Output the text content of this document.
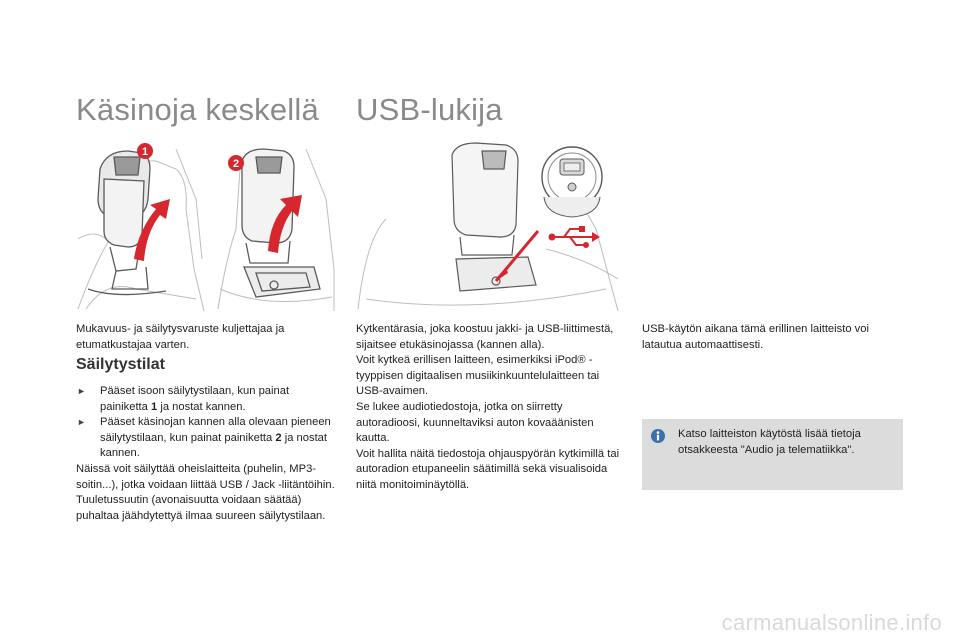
Käsinoja keskellä USB-lukija
1
2

Mukavuus- ja säilytysvaruste kuljettajaa ja etumatkustajaa varten.

Säilytystilat
► Pääset isoon säilytystilaan, kun painat painiketta 1 ja nostat kannen.
► Pääset käsinojan kannen alla olevaan pieneen säilytystilaan, kun painat painiketta 2 ja nostat kannen.

Näissä voit säilyttää oheislaitteita (puhelin, MP3-soitin...), jotka voidaan liittää USB / Jack -liitäntöihin.

Tuuletussuutin (avonaisuutta voidaan säätää) puhaltaa jäähdytettyä ilmaa suureen säilytystilaan.

Kytkentärasia, joka koostuu jakki- ja USB-liittimestä, sijaitsee etukäsinojassa (kannen alla).

Voit kytkeä erillisen laitteen, esimerkiksi iPod® -tyyppisen digitaalisen musiikinkuuntelulaitteen tai USB-avaimen.

Se lukee audiotiedostoja, jotka on siirretty autoradioosi, kuunneltaviksi auton kovaäänisten kautta.

Voit hallita näitä tiedostoja ohjauspyörän kytkimillä tai autoradion etupaneelin säätimillä sekä visualisoida niitä monitoiminäytöllä.

USB-käytön aikana tämä erillinen laitteisto voi latautua automaattisesti.

Katso laitteiston käytöstä lisää tietoja otsakkeesta "Audio ja telematiikka".
carmanualsonline.info
